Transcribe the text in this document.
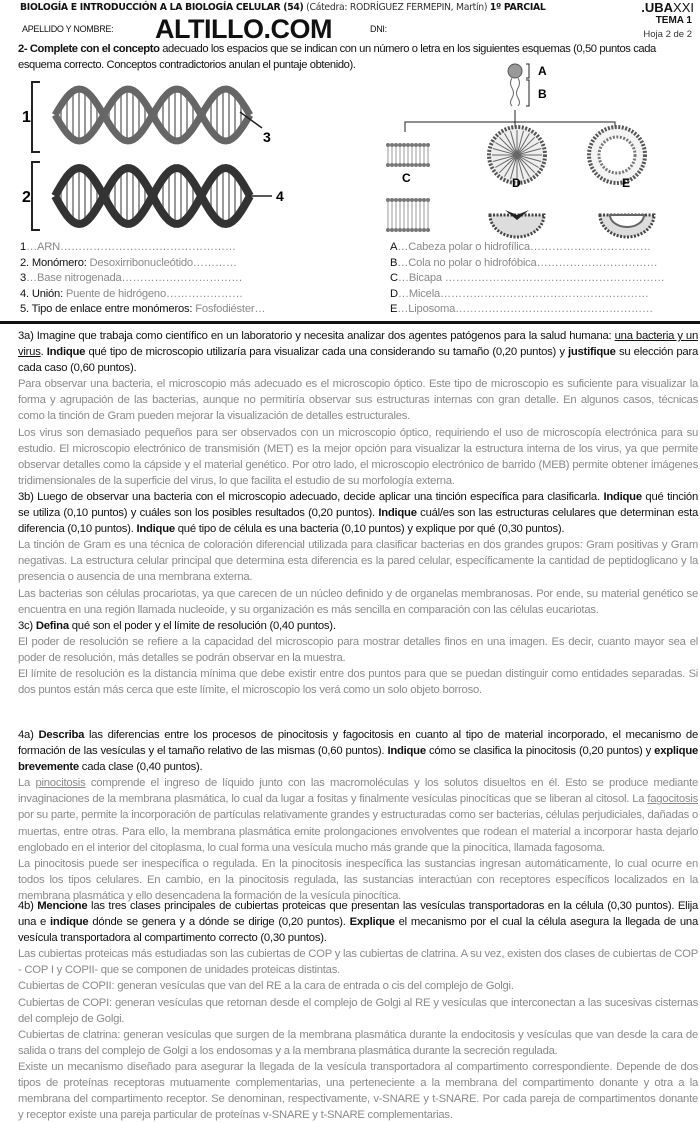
BIOLOGÍA E INTRODUCCIÓN A LA BIOLOGÍA CELULAR (54) (Cátedra: RODRÍGUEZ FERMEPIN, Martín) 1º PARCIAL	.UBAXXI
APELLIDO Y NOMBRE: ALTILLO.COM	DNI:
TEMA 1
Hoja 2 de 2
1
3
2	4
A
B
C	D	E
2- Complete con el concepto adecuado los espacios que se indican con un número o letra en los siguientes esquemas (0,50 puntos cada esquema correcto. Conceptos contradictorios anulan el puntaje obtenido).
1…ARN…………………………………………
2. Monómero: Desoxirribonucleótido…………
3…Base nitrogenada……………………………
4. Unión: Puente de hidrógeno…………………
5. Tipo de enlace entre monómeros: Fosfodiéster…
A…Cabeza polar o hidrofílica……………………………
B…Cola no polar o hidrofóbica……………………………
C…Bicapa ……………………………………………………
D…Micela…………………………………………………
E…Liposoma………………………………………………
3a) Imagine que trabaja como científico en un laboratorio y necesita analizar dos agentes patógenos para la salud humana: una bacteria y un virus. Indique qué tipo de microscopio utilizaría para visualizar cada una considerando su tamaño (0,20 puntos) y justifique su elección para cada caso (0,60 puntos).
Para observar una bacteria, el microscopio más adecuado es el microscopio óptico. Este tipo de microscopio es suficiente para visualizar la forma y agrupación de las bacterias, aunque no permitiría observar sus estructuras internas con gran detalle. En algunos casos, técnicas como la tinción de Gram pueden mejorar la visualización de detalles estructurales.
Los virus son demasiado pequeños para ser observados con un microscopio óptico, requiriendo el uso de microscopía electrónica para su estudio. El microscopio electrónico de transmisión (MET) es la mejor opción para visualizar la estructura interna de los virus, ya que permite observar detalles como la cápside y el material genético. Por otro lado, el microscopio electrónico de barrido (MEB) permite obtener imágenes tridimensionales de la superficie del virus, lo que facilita el estudio de su morfología externa.
3b) Luego de observar una bacteria con el microscopio adecuado, decide aplicar una tinción específica para clasificarla. Indique qué tinción se utiliza (0,10 puntos) y cuáles son los posibles resultados (0,20 puntos). Indique cuál/es son las estructuras celulares que determinan esta diferencia (0,10 puntos). Indique qué tipo de célula es una bacteria (0,10 puntos) y explique por qué (0,30 puntos).
La tinción de Gram es una técnica de coloración diferencial utilizada para clasificar bacterias en dos grandes grupos: Gram positivas y Gram negativas. La estructura celular principal que determina esta diferencia es la pared celular, específicamente la cantidad de peptidoglicano y la presencia o ausencia de una membrana externa.
Las bacterias son células procariotas, ya que carecen de un núcleo definido y de organelas membranosas. Por ende, su material genético se encuentra en una región llamada nucleoide, y su organización es más sencilla en comparación con las células eucariotas.
3c) Defina qué son el poder y el límite de resolución (0,40 puntos).
El poder de resolución se refiere a la capacidad del microscopio para mostrar detalles finos en una imagen. Es decir, cuanto mayor sea el poder de resolución, más detalles se podrán observar en la muestra.
El límite de resolución es la distancia mínima que debe existir entre dos puntos para que se puedan distinguir como entidades separadas. Si dos puntos están más cerca que este límite, el microscopio los verá como un solo objeto borroso.
4a) Describa las diferencias entre los procesos de pinocitosis y fagocitosis en cuanto al tipo de material incorporado, el mecanismo de formación de las vesículas y el tamaño relativo de las mismas (0,60 puntos). Indique cómo se clasifica la pinocitosis (0,20 puntos) y explique brevemente cada clase (0,40 puntos).
La pinocitosis comprende el ingreso de líquido junto con las macromoléculas y los solutos disueltos en él. Esto se produce mediante invaginaciones de la membrana plasmática, lo cual da lugar a fositas y finalmente vesículas pinocíticas que se liberan al citosol. La fagocitosis por su parte, permite la incorporación de partículas relativamente grandes y estructuradas como ser bacterias, células perjudiciales, dañadas o muertas, entre otras. Para ello, la membrana plasmática emite prolongaciones envolventes que rodean el material a incorporar hasta dejarlo englobado en el interior del citoplasma, lo cual forma una vesícula mucho más grande que la pinocítica, llamada fagosoma.
La pinocitosis puede ser inespecífica o regulada. En la pinocitosis inespecífica las sustancias ingresan automáticamente, lo cual ocurre en todos los tipos celulares. En cambio, en la pinocitosis regulada, las sustancias interactúan con receptores específicos localizados en la membrana plasmática y ello desencadena la formación de la vesícula pinocítica.
4b) Mencione las tres clases principales de cubiertas proteicas que presentan las vesículas transportadoras en la célula (0,30 puntos). Elija una e indique dónde se genera y a dónde se dirige (0,20 puntos). Explique el mecanismo por el cual la célula asegura la llegada de una vesícula transportadora al compartimento correcto (0,30 puntos).
Las cubiertas proteicas más estudiadas son las cubiertas de COP y las cubiertas de clatrina. A su vez, existen dos clases de cubiertas de COP - COP I y COPII- que se componen de unidades proteicas distintas.
Cubiertas de COPII: generan vesículas que van del RE a la cara de entrada o cis del complejo de Golgi.
Cubiertas de COPI: generan vesículas que retornan desde el complejo de Golgi al RE y vesículas que interconectan a las sucesivas cisternas del complejo de Golgi.
Cubiertas de clatrina: generan vesículas que surgen de la membrana plasmática durante la endocitosis y vesículas que van desde la cara de salida o trans del complejo de Golgi a los endosomas y a la membrana plasmática durante la secreción regulada.
Existe un mecanismo diseñado para asegurar la llegada de la vesícula transportadora al compartimento correspondiente. Depende de dos tipos de proteínas receptoras mutuamente complementarias, una perteneciente a la membrana del compartimento donante y otra a la membrana del compartimento receptor. Se denominan, respectivamente, v-SNARE y t-SNARE. Por cada pareja de compartimentos donante y receptor existe una pareja particular de proteínas v-SNARE y t-SNARE complementarias.
